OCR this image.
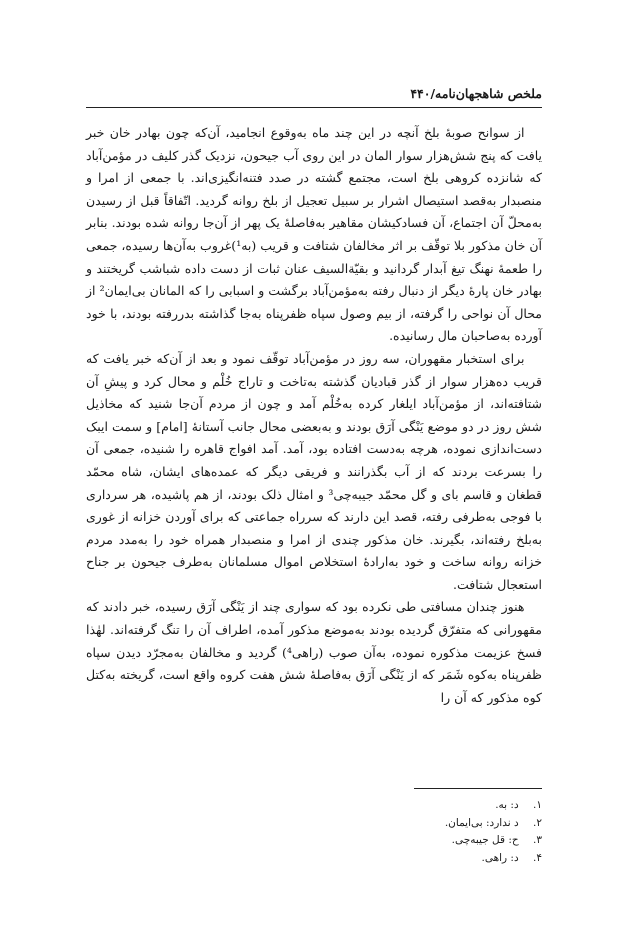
ملخص شاهجهان‌نامه/۴۴۰

از سوانح صوبهٔ بلخ آنچه در این چند ماه به‌وقوع انجامید، آن‌که چون بهادر خان خبر یافت که پنج شش‌هزار سوار المان در این روی آب جیحون، نزدیک گذر کلیف در مؤمن‌آباد که شانزده کروهی بلخ است، مجتمع گشته در صدد فتنه‌انگیزی‌اند. با جمعی از امرا و منصبدار به‌قصد استیصال اشرار بر سبیل تعجیل از بلخ روانه گردید. اتّفاقاً قبل از رسیدن به‌محلّ آن اجتماع، آن فسادکیشان مقاهیر به‌فاصلهٔ یک پهر از آن‌جا روانه شده بودند. بنابر آن خان مذکور بلا توقّف بر اثر مخالفان شتافت و قریب (به¹)غروب به‌آن‌ها رسیده، جمعی را طعمهٔ نهنگ تیغ آبدار گردانید و بقیّةالسیف عنان ثبات از دست داده شباشب گریختند و بهادر خان پارهٔ دیگر از دنبال رفته به‌مؤمن‌آباد برگشت و اسبابی را که المانان بی‌ایمان² از محال آن نواحی را گرفته، از بیم وصول سپاه ظفرپناه به‌جا گذاشته بدررفته بودند، با خود آورده به‌صاحبان مال رسانیده.

برای استخبار مقهوران، سه روز در مؤمن‌آباد توقّف نمود و بعد از آن‌که خبر یافت که قریب ده‌هزار سوار از گذر قبادیان گذشته به‌تاخت و تاراج خُلْم و محال کرد و پیشِ آن شتافته‌اند، از مؤمن‌آباد ایلغار کرده به‌خُلْم آمد و چون از مردم آن‌جا شنید که مخاذیل شش روز در دو موضع یَنْگی آرَق بودند و به‌بعضی محال جانب آستانهٔ [امام] و سمت ایبک دست‌اندازی نموده، هرچه به‌دست افتاده بود، آمد. آمد افواج قاهره را شنیده، جمعی آن را بسرعت بردند که از آب بگذرانند و فریقی دیگر که عمده‌های ایشان، شاه محمّد قطغان و قاسم بای و گل محمّد جیبه‌چی³ و امثال ذلک بودند، از هم پاشیده، هر سرداری با فوجی به‌طرفی رفته، قصد این دارند که سرراه جماعتی که برای آوردن خزانه از غوری به‌بلخ رفته‌اند، بگیرند. خان مذکور چندی از امرا و منصبدار همراه خود را به‌مدد مردم خزانه روانه ساخت و خود به‌ارادهٔ استخلاص اموال مسلمانان به‌طرف جیحون بر جناح استعجال شتافت.

هنوز چندان مسافتی طی نکرده بود که سواری چند از یَنْگی آرَق رسیده، خبر دادند که مقهورانی که متفرّق گردیده بودند به‌موضع مذکور آمده، اطراف آن را تنگ گرفته‌اند. لهٰذا فسخ عزیمت مذکوره نموده، به‌آن صوب (راهی⁴) گردید و مخالفان به‌مجرّد دیدن سپاه ظفرپناه به‌کوه شَمَر که از یَنْگی آرَق به‌فاصلهٔ شش هفت کروه واقع است، گریخته به‌کتل کوه مذکور که آن را

۱. د: به.
۲. د ندارد: بی‌ایمان.
۳. ح: قل جیبه‌چی.
۴. د: راهی.
